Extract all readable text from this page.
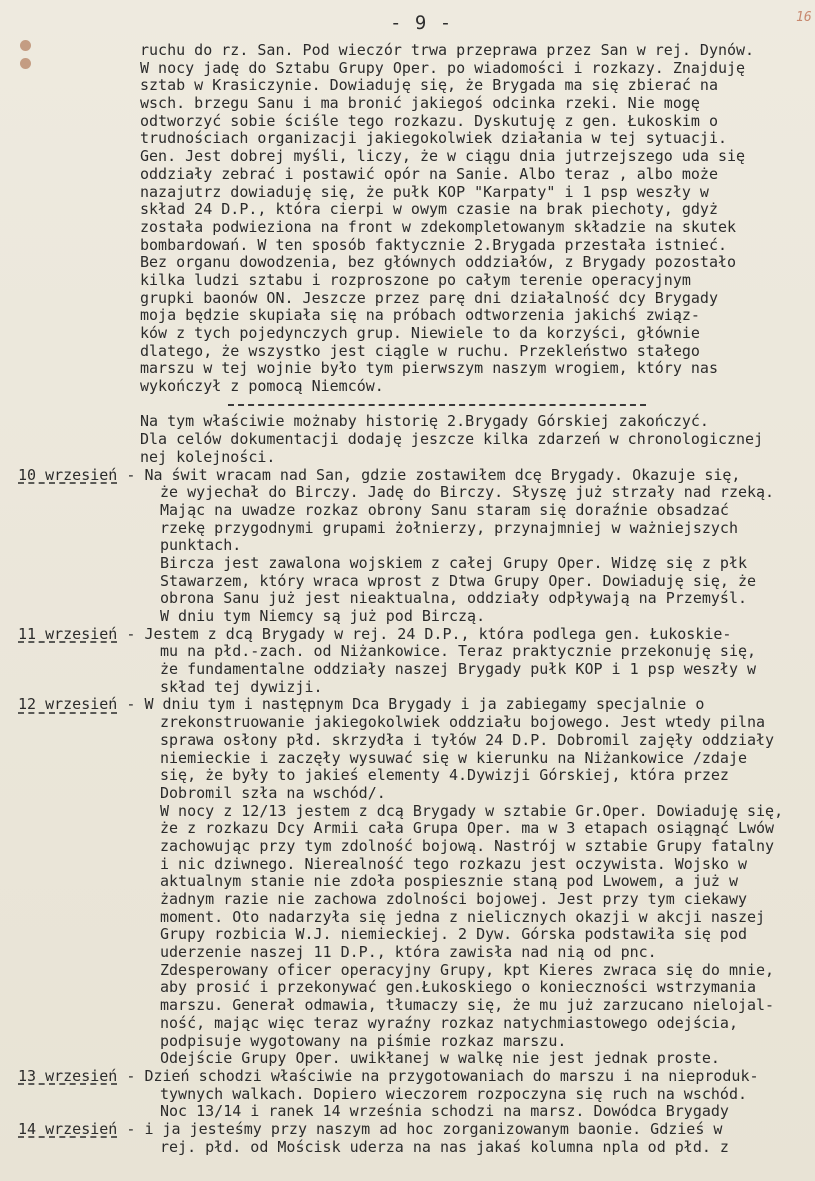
- 9 -	16
ruchu do rz. San. Pod wieczór trwa przeprawa przez San w rej. Dynów.
W nocy jadę do Sztabu Grupy Oper. po wiadomości i rozkazy. Znajduję
sztab w Krasiczynie. Dowiaduję się, że Brygada ma się zbierać na
wsch. brzegu Sanu i ma bronić jakiegoś odcinka rzeki. Nie mogę
odtworzyć sobie ściśle tego rozkazu. Dyskutuję z gen. Łukoskim o
trudnościach organizacji jakiegokolwiek działania w tej sytuacji.
Gen. Jest dobrej myśli, liczy, że w ciągu dnia jutrzejszego uda się
oddziały zebrać i postawić opór na Sanie. Albo teraz , albo może
nazajutrz dowiaduję się, że pułk KOP "Karpaty" i 1 psp weszły w
skład 24 D.P., która cierpi w owym czasie na brak piechoty, gdyż
została podwieziona na front w zdekompletowanym składzie na skutek
bombardowań. W ten sposób faktycznie 2.Brygada przestała istnieć.
Bez organu dowodzenia, bez głównych oddziałów, z Brygady pozostało
kilka ludzi sztabu i rozproszone po całym terenie operacyjnym
grupki baonów ON. Jeszcze przez parę dni działalność dcy Brygady
moja będzie skupiała się na próbach odtworzenia jakichś związ-
ków z tych pojedynczych grup. Niewiele to da korzyści, głównie
dlatego, że wszystko jest ciągle w ruchu. Przekleństwo stałego
marszu w tej wojnie było tym pierwszym naszym wrogiem, który nas
wykończył z pomocą Niemców.
Na tym właściwie możnaby historię 2.Brygady Górskiej zakończyć.
Dla celów dokumentacji dodaję jeszcze kilka zdarzeń w chronologicznej
nej kolejności.
10 wrzesień - Na świt wracam nad San, gdzie zostawiłem dcę Brygady. Okazuje się,
że wyjechał do Birczy. Jadę do Birczy. Słyszę już strzały nad rzeką.
Mając na uwadze rozkaz obrony Sanu staram się doraźnie obsadzać
rzekę przygodnymi grupami żołnierzy, przynajmniej w ważniejszych
punktach.
Bircza jest zawalona wojskiem z całej Grupy Oper. Widzę się z płk
Stawarzem, który wraca wprost z Dtwa Grupy Oper. Dowiaduję się, że
obrona Sanu już jest nieaktualna, oddziały odpływają na Przemyśl.
W dniu tym Niemcy są już pod Birczą.
11 wrzesień - Jestem z dcą Brygady w rej. 24 D.P., która podlega gen. Łukoskie-
mu na płd.-zach. od Niżankowice. Teraz praktycznie przekonuję się,
że fundamentalne oddziały naszej Brygady pułk KOP i 1 psp weszły w
skład tej dywizji.
12 wrzesień - W dniu tym i następnym Dca Brygady i ja zabiegamy specjalnie o
zrekonstruowanie jakiegokolwiek oddziału bojowego. Jest wtedy pilna
sprawa osłony płd. skrzydła i tyłów 24 D.P. Dobromil zajęły oddziały
niemieckie i zaczęły wysuwać się w kierunku na Niżankowice /zdaje
się, że były to jakieś elementy 4.Dywizji Górskiej, która przez
Dobromil szła na wschód/.
W nocy z 12/13 jestem z dcą Brygady w sztabie Gr.Oper. Dowiaduję się,
że z rozkazu Dcy Armii cała Grupa Oper. ma w 3 etapach osiągnąć Lwów
zachowując przy tym zdolność bojową. Nastrój w sztabie Grupy fatalny
i nic dziwnego. Nierealność tego rozkazu jest oczywista. Wojsko w
aktualnym stanie nie zdoła pospiesznie staną pod Lwowem, a już w
żadnym razie nie zachowa zdolności bojowej. Jest przy tym ciekawy
moment. Oto nadarzyła się jedna z nielicznych okazji w akcji naszej
Grupy rozbicia W.J. niemieckiej. 2 Dyw. Górska podstawiła się pod
uderzenie naszej 11 D.P., która zawisła nad nią od pnc.
Zdesperowany oficer operacyjny Grupy, kpt Kieres zwraca się do mnie,
aby prosić i przekonywać gen.Łukoskiego o konieczności wstrzymania
marszu. Generał odmawia, tłumaczy się, że mu już zarzucano nielojal-
ność, mając więc teraz wyraźny rozkaz natychmiastowego odejścia,
podpisuje wygotowany na piśmie rozkaz marszu.
Odejście Grupy Oper. uwikłanej w walkę nie jest jednak proste.
13 wrzesień - Dzień schodzi właściwie na przygotowaniach do marszu i na nieproduk-
tywnych walkach. Dopiero wieczorem rozpoczyna się ruch na wschód.
Noc 13/14 i ranek 14 września schodzi na marsz. Dowódca Brygady
14 wrzesień - i ja jesteśmy przy naszym ad hoc zorganizowanym baonie. Gdzieś w
rej. płd. od Mościsk uderza na nas jakaś kolumna npla od płd. z
